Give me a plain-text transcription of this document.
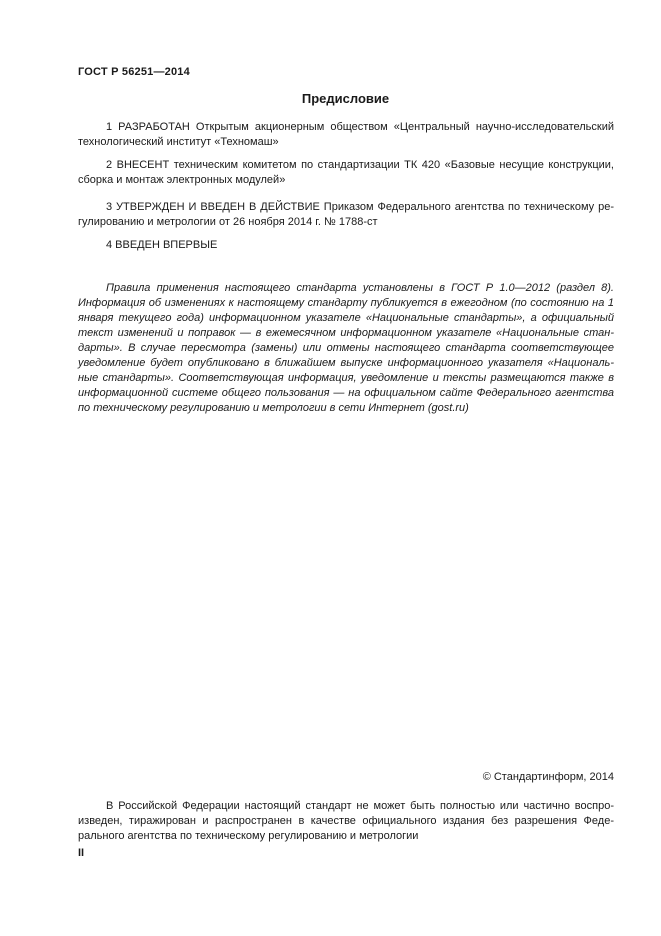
ГОСТ Р 56251—2014
Предисловие

1 РАЗРАБОТАН Открытым акционерным обществом «Центральный научно-исследовательский технологический институт «Техномаш»

2 ВНЕСЕНТ техническим комитетом по стандартизации ТК 420 «Базовые несущие конструкции, сборка и монтаж электронных модулей»

3 УТВЕРЖДЕН И ВВЕДЕН В ДЕЙСТВИЕ Приказом Федерального агентства по техническому регулированию и метрологии от 26 ноября 2014 г. № 1788-ст

4 ВВЕДЕН ВПЕРВЫЕ

Правила применения настоящего стандарта установлены в ГОСТ Р 1.0—2012 (раздел 8). Информация об изменениях к настоящему стандарту публикуется в ежегодном (по состоянию на 1 января текущего года) информационном указателе «Национальные стандарты», а официальный текст изменений и поправок — в ежемесячном информационном указателе «Национальные стандарты». В случае пересмотра (замены) или отмены настоящего стандарта соответствующее уведомление будет опубликовано в ближайшем выпуске информационного указателя «Национальные стандарты». Соответствующая информация, уведомление и тексты размещаются также в информационной системе общего пользования — на официальном сайте Федерального агентства по техническому регулированию и метрологии в сети Интернет (gost.ru)

© Стандартинформ, 2014

В Российской Федерации настоящий стандарт не может быть полностью или частично воспроизведен, тиражирован и распространен в качестве официального издания без разрешения Федерального агентства по техническому регулированию и метрологии

II
